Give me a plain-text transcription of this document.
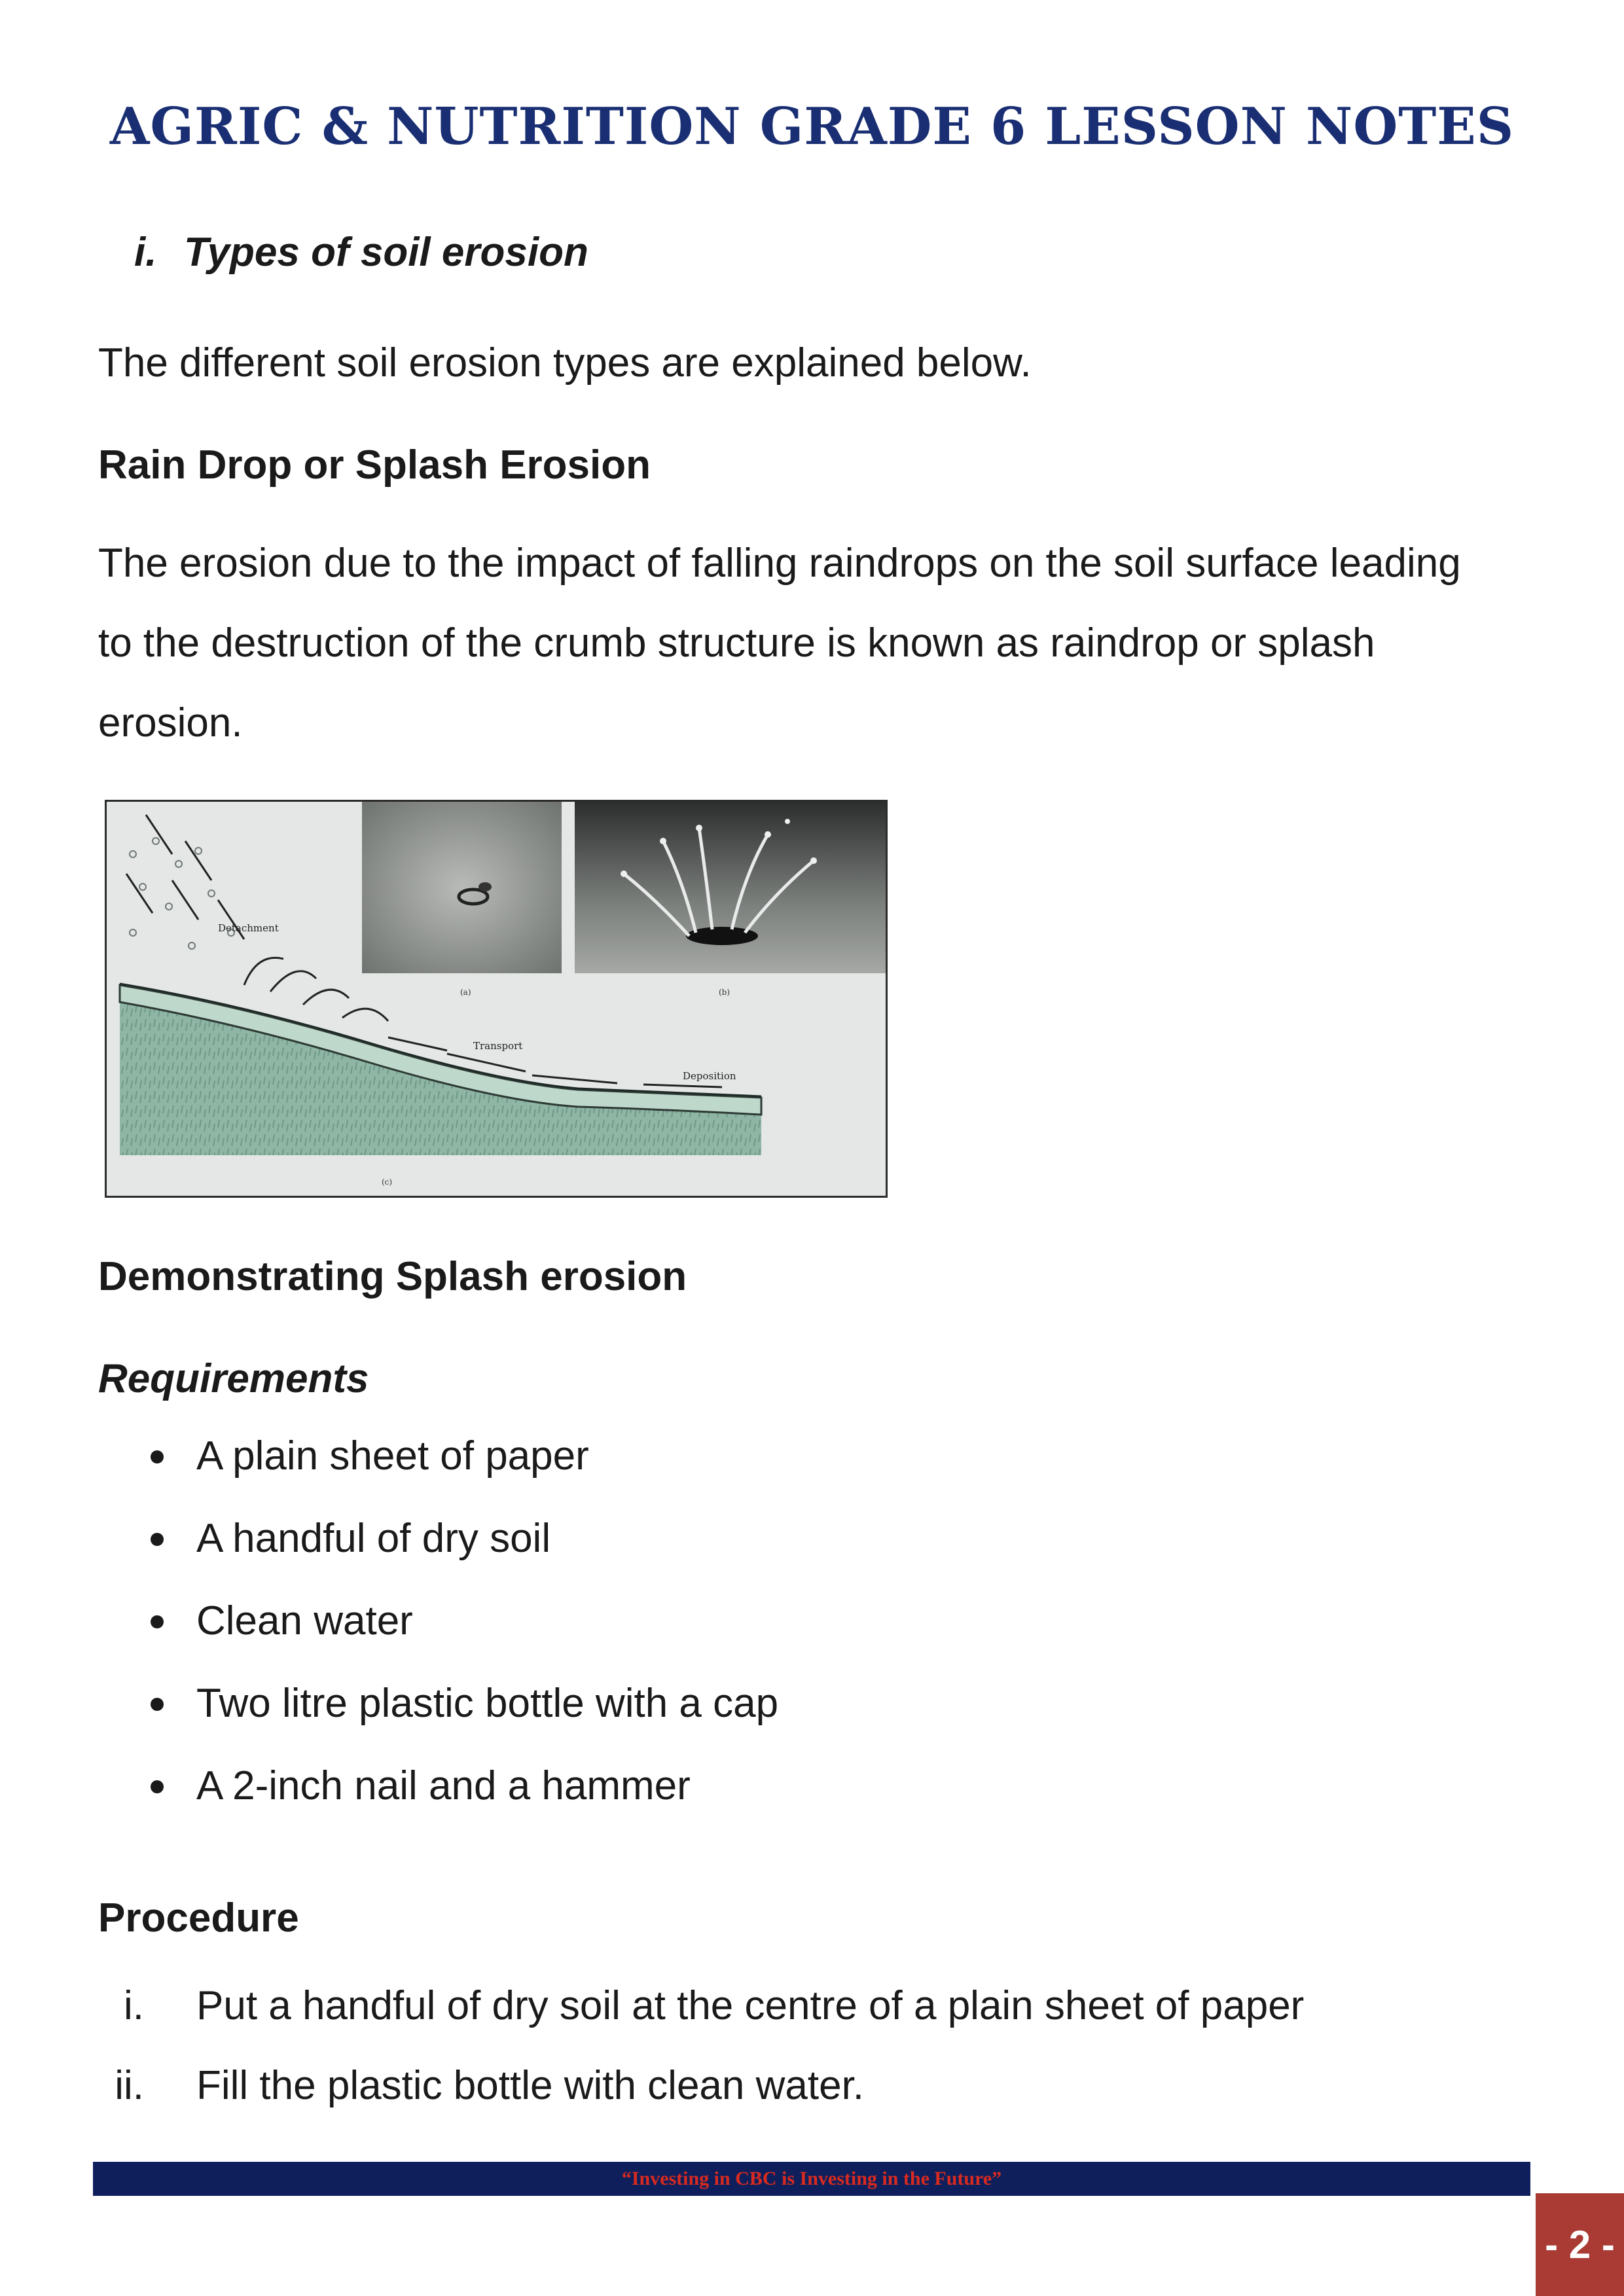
AGRIC & NUTRITION GRADE 6 LESSON NOTES
i. Types of soil erosion
The different soil erosion types are explained below.
Rain Drop or Splash Erosion

The erosion due to the impact of falling raindrops on the soil surface leading

to the destruction of the crumb structure is known as raindrop or splash

erosion.

(a)	(b)
Detachment
Transport
Deposition
(c)
Demonstrating Splash erosion
Requirements
A plain sheet of paper
A handful of dry soil
Clean water
Two litre plastic bottle with a cap
A 2-inch nail and a hammer
Procedure
i. Put a handful of dry soil at the centre of a plain sheet of paper
ii. Fill the plastic bottle with clean water.
“Investing in CBC is Investing in the Future”
- 2 -
